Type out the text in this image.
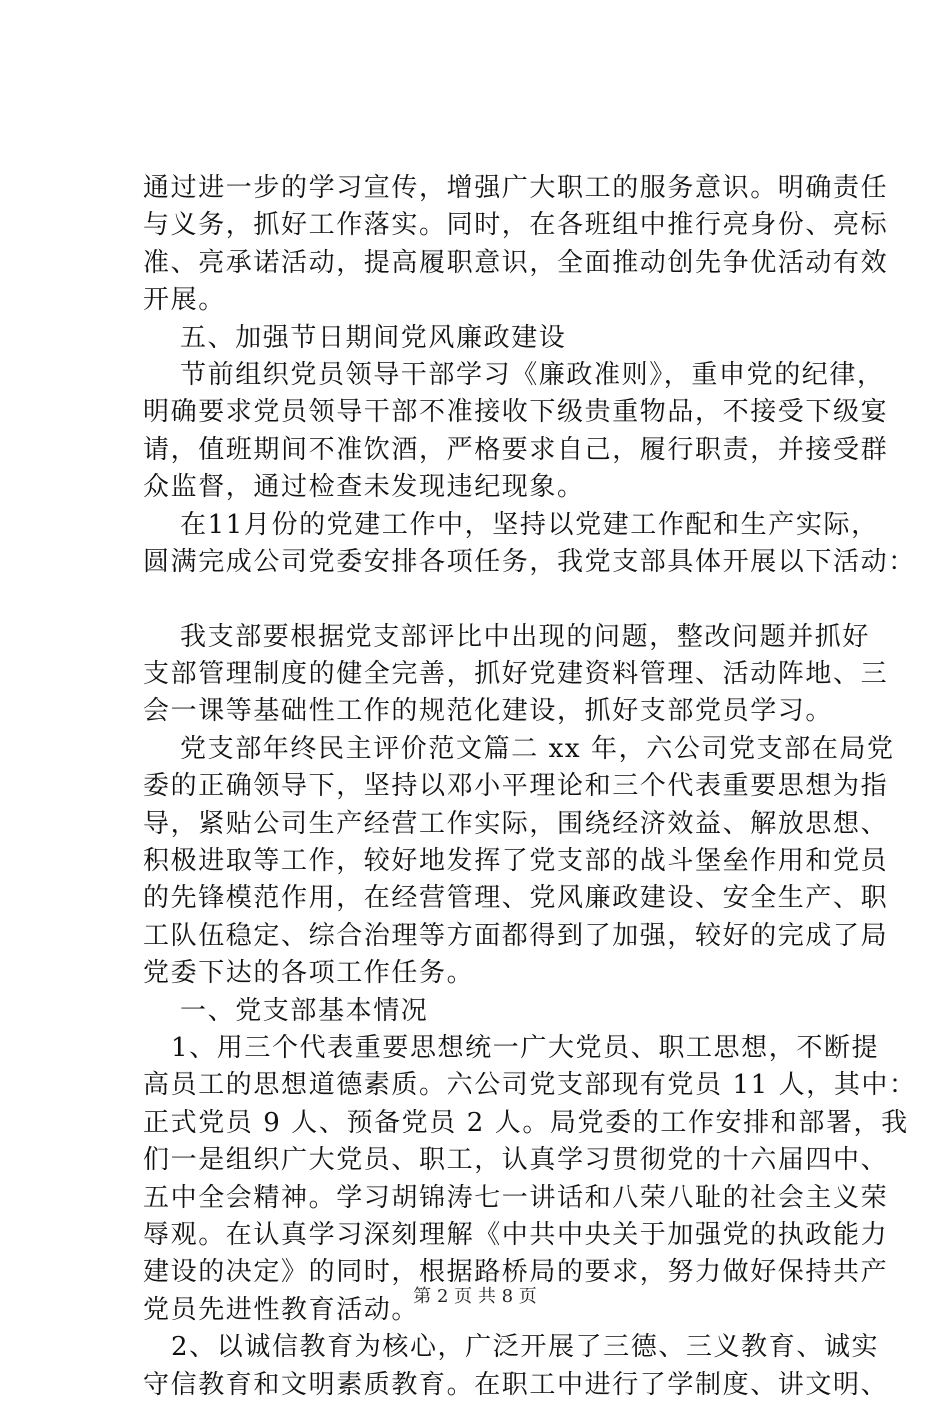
通过进一步的学习宣传，增强广大职工的服务意识。明确责任
与义务，抓好工作落实。同时，在各班组中推行亮身份、亮标
准、亮承诺活动，提高履职意识，全面推动创先争优活动有效
开展。
五、加强节日期间党风廉政建设
节前组织党员领导干部学习《廉政准则》，重申党的纪律，
明确要求党员领导干部不准接收下级贵重物品，不接受下级宴
请，值班期间不准饮酒，严格要求自己，履行职责，并接受群
众监督，通过检查未发现违纪现象。
在11月份的党建工作中，坚持以党建工作配和生产实际，
圆满完成公司党委安排各项任务，我党支部具体开展以下活动：
我支部要根据党支部评比中出现的问题，整改问题并抓好
支部管理制度的健全完善，抓好党建资料管理、活动阵地、三
会一课等基础性工作的规范化建设，抓好支部党员学习。
党支部年终民主评价范文篇二 xx 年，六公司党支部在局党
委的正确领导下，坚持以邓小平理论和三个代表重要思想为指
导，紧贴公司生产经营工作实际，围绕经济效益、解放思想、
积极进取等工作，较好地发挥了党支部的战斗堡垒作用和党员
的先锋模范作用，在经营管理、党风廉政建设、安全生产、职
工队伍稳定、综合治理等方面都得到了加强，较好的完成了局
党委下达的各项工作任务。
一、党支部基本情况
1、用三个代表重要思想统一广大党员、职工思想，不断提
高员工的思想道德素质。六公司党支部现有党员 11 人，其中：
正式党员 9 人、预备党员 2 人。局党委的工作安排和部署，我
们一是组织广大党员、职工，认真学习贯彻党的十六届四中、
五中全会精神。学习胡锦涛七一讲话和八荣八耻的社会主义荣
辱观。在认真学习深刻理解《中共中央关于加强党的执政能力
建设的决定》的同时，根据路桥局的要求，努力做好保持共产
党员先进性教育活动。
2、以诚信教育为核心，广泛开展了三德、三义教育、诚实
守信教育和文明素质教育。在职工中进行了学制度、讲文明、
第 2 页 共 8 页
